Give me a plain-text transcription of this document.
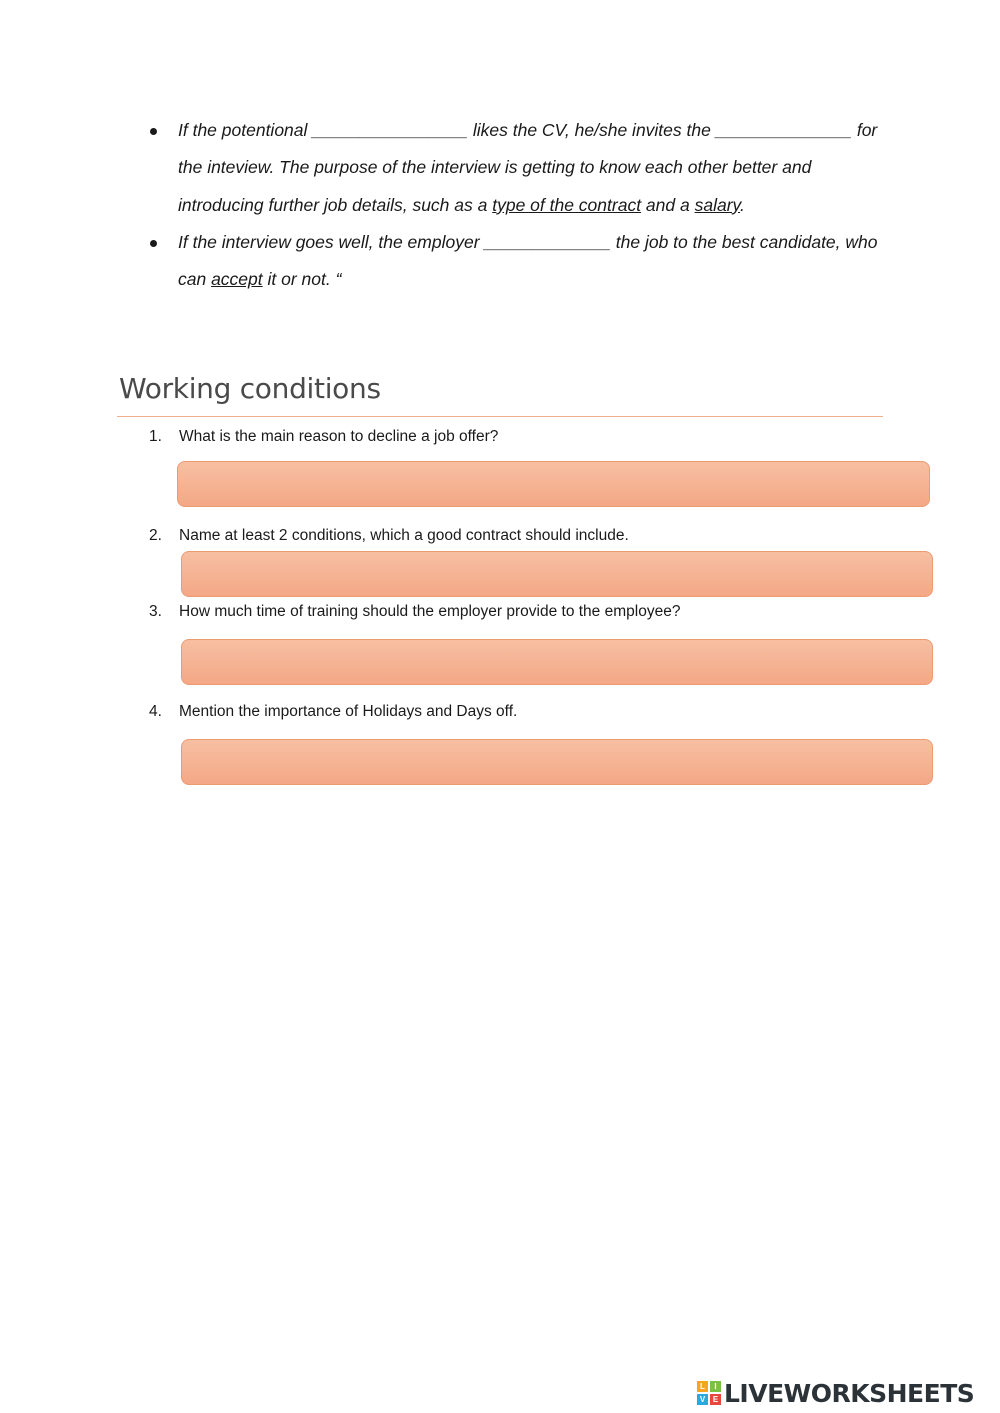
If the potentional ________________ likes the CV, he/she invites the ______________ for the inteview. The purpose of the interview is getting to know each other better and introducing further job details, such as a type of the contract and a salary.
If the interview goes well, the employer _____________ the job to the best candidate, who can accept it or not. “
Working conditions
1. What is the main reason to decline a job offer?
2. Name at least 2 conditions, which a good contract should include.
3. How much time of training should the employer provide to the employee?
4. Mention the importance of Holidays and Days off.
L	I
V E LIVEWORKSHEETS
